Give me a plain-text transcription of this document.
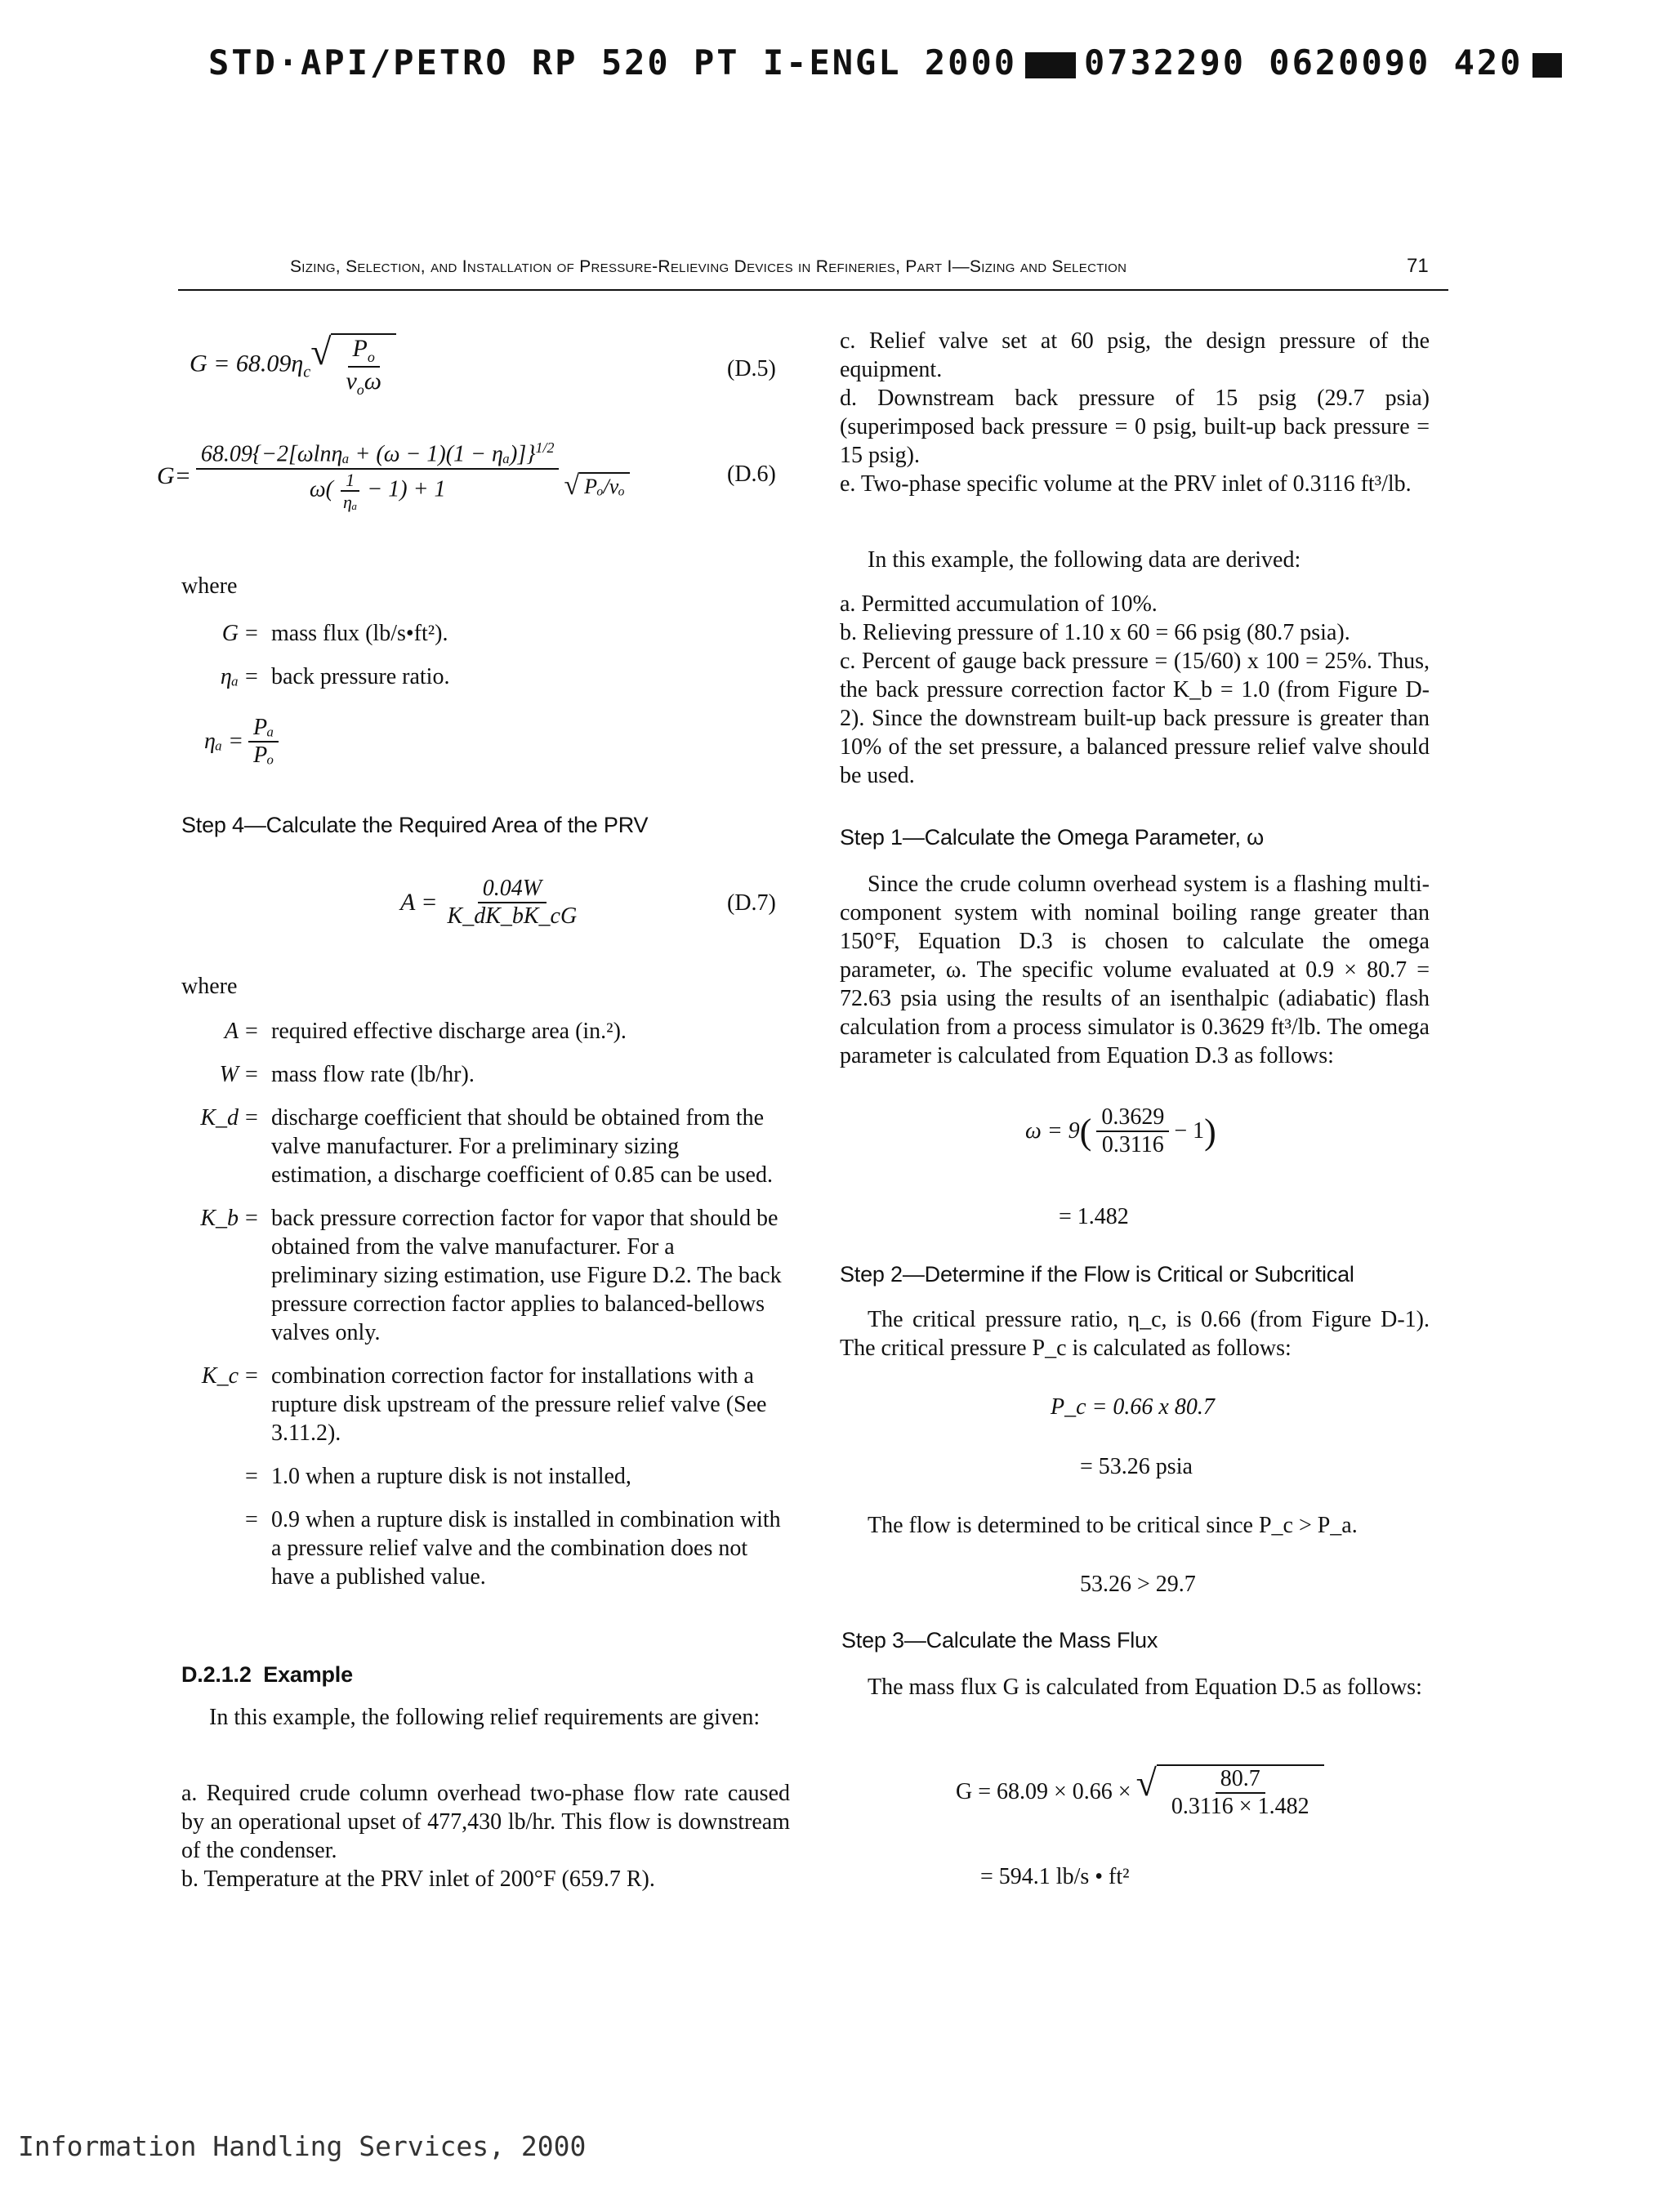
STD·API/PETRO RP 520 PT I-ENGL 2000 0732290 0620090 420
Sizing, Selection, and Installation of Pressure-Relieving Devices in Refineries, Part I—Sizing and Selection	71
$G = 68.09\eta_c$ √ $\frac{P_o}{v_o\omega}$	(D.5)
$G= \frac{68.09\{-2[\omega\ln\eta_a + (\omega - 1)(1 - \eta_a)]\}^{1/2}}{\omega( \frac{1}{\text{ηₐ}} - 1) + 1}$ √ Pₒ/vₒ	(D.6)
where
G = mass flux (lb/s•ft²).
ηₐ = back pressure ratio.
$\eta_a = \frac{\text{Pₐ}}{\text{Pₒ}}$
Step 4—Calculate the Required Area of the PRV
$A = \frac{0.04W}{K\_dK\_bK\_cG}$	(D.7)
where
A = required effective discharge area (in.²).
W = mass flow rate (lb/hr).
K_d = discharge coefficient that should be obtained from the valve manufacturer. For a preliminary sizing estimation, a discharge coefficient of 0.85 can be used.
K_b = back pressure correction factor for vapor that should be obtained from the valve manufacturer. For a preliminary sizing estimation, use Figure D.2. The back pressure correction factor applies to balanced-bellows valves only.
K_c = combination correction factor for installations with a rupture disk upstream of the pressure relief valve (See 3.11.2).
= 1.0 when a rupture disk is not installed,
= 0.9 when a rupture disk is installed in combination with a pressure relief valve and the combination does not have a published value.
D.2.1.2 Example
In this example, the following relief requirements are given:
a. Required crude column overhead two-phase flow rate caused by an operational upset of 477,430 lb/hr. This flow is downstream of the condenser.
b. Temperature at the PRV inlet of 200°F (659.7 R).
c. Relief valve set at 60 psig, the design pressure of the equipment.
d. Downstream back pressure of 15 psig (29.7 psia) (superimposed back pressure = 0 psig, built-up back pressure = 15 psig).
e. Two-phase specific volume at the PRV inlet of 0.3116 ft³/lb.
In this example, the following data are derived:
a. Permitted accumulation of 10%.
b. Relieving pressure of 1.10 x 60 = 66 psig (80.7 psia).
c. Percent of gauge back pressure = (15/60) x 100 = 25%. Thus, the back pressure correction factor K_b = 1.0 (from Figure D-2). Since the downstream built-up back pressure is greater than 10% of the set pressure, a balanced pressure relief valve should be used.
Step 1—Calculate the Omega Parameter, ω
Since the crude column overhead system is a flashing multi-component system with nominal boiling range greater than 150°F, Equation D.3 is chosen to calculate the omega parameter, ω. The specific volume evaluated at 0.9 × 80.7 = 72.63 psia using the results of an isenthalpic (adiabatic) flash calculation from a process simulator is 0.3629 ft³/lb. The omega parameter is calculated from Equation D.3 as follows:
ω = 9 ( $\frac{0.3629}{0.3116} - 1$ )
= 1.482
Step 2—Determine if the Flow is Critical or Subcritical
The critical pressure ratio, η_c, is 0.66 (from Figure D-1). The critical pressure P_c is calculated as follows:
P_c = 0.66 x 80.7
= 53.26 psia
The flow is determined to be critical since P_c > P_a.
53.26 > 29.7
Step 3—Calculate the Mass Flux
The mass flux G is calculated from Equation D.5 as follows:
G = 68.09 × 0.66 × √ $\frac{80.7}{0.3116 \times 1.482}$
= 594.1 lb/s • ft²
Information Handling Services, 2000
